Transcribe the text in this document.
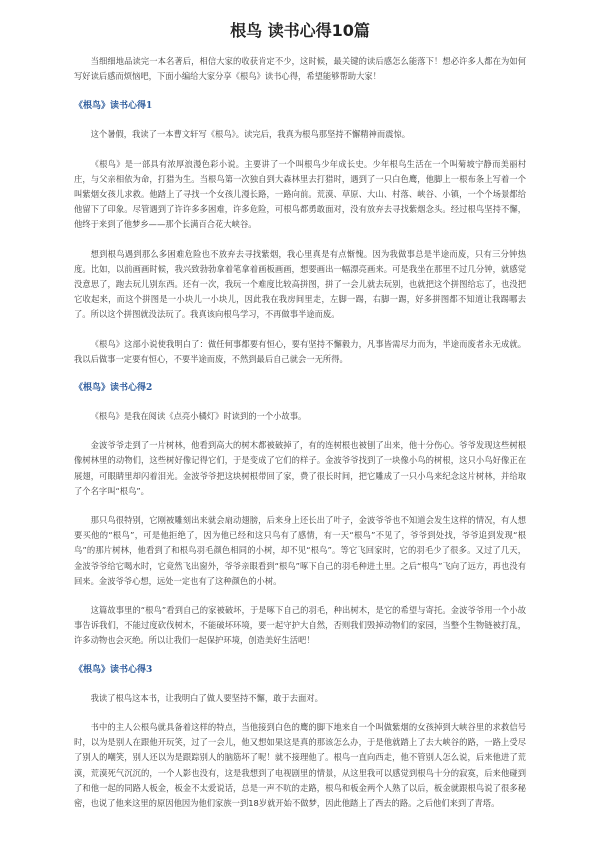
根鸟 读书心得10篇

当细细地品读完一本名著后，相信大家的收获肯定不少，这时候，最关键的读后感怎么能落下！想必许多人都在为如何写好读后感而烦恼吧，下面小编给大家分享《根鸟》读书心得，希望能够帮助大家！

《根鸟》读书心得1

这个暑假，我读了一本曹文轩写《根鸟》。读完后，我真为根鸟那坚持不懈精神而震惊。

《根鸟》是一部具有浓厚浪漫色彩小说。主要讲了一个叫根鸟少年成长史。少年根鸟生活在一个叫菊坡宁静而美丽村庄，与父亲相依为命，打猎为生。当根鸟第一次独自到大森林里去打猎时，遇到了一只白色鹰，他脚上一根布条上写着一个叫紫烟女孩儿求救。他踏上了寻找一个女孩儿漫长路，一路向前。荒漠、草原、大山、村落、峡谷、小镇，一个个场景都给他留下了印象。尽管遇到了许许多多困难，许多危险，可根鸟都勇敢面对，没有放弃去寻找紫烟念头。经过根鸟坚持不懈，他终于来到了他梦乡——那个长满百合花大峡谷。

想到根鸟遇到那么多困难危险也不放弃去寻找紫烟，我心里真是有点惭愧。因为我做事总是半途而废，只有三分钟热度。比如，以前画画时候，我兴致勃勃拿着笔拿着画板画画，想要画出一幅漂亮画来。可是我坐在那里不过几分钟，就感觉没意思了，跑去玩儿别东西。还有一次，我玩一个难度比较高拼图，拼了一会儿就去玩别，也就把这个拼图给忘了，也没把它收起来，而这个拼图是一小块儿一小块儿，因此我在我房间里走，左脚一踢，右脚一踢，好多拼图都不知道让我踢哪去了。所以这个拼图就没法玩了。我真该向根鸟学习，不再做事半途而废。

《根鸟》这部小说使我明白了：做任何事都要有恒心，要有坚持不懈毅力，凡事皆需尽力而为，半途而废者永无成就。我以后做事一定要有恒心，不要半途而废，不然到最后自己就会一无所得。

《根鸟》读书心得2

《根鸟》是我在阅读《点亮小橘灯》时读到的一个小故事。

金波爷爷走到了一片树林，他看到高大的树木都被破掉了，有的连树根也被刨了出来，他十分伤心。爷爷发现这些树根像树林里的动物们，这些树好像记得它们，于是变成了它们的样子。金波爷爷找到了一块像小鸟的树根，这只小鸟好像正在展翅，可眼睛里却闪着泪光。金波爷爷把这块树根带回了家，费了很长时间，把它雕成了一只小鸟来纪念这片树林，并给取了个名字叫“根鸟”。

那只鸟很特别，它刚被雕刻出来就会扇动翅膀，后来身上还长出了叶子，金波爷爷也不知道会发生这样的情况，有人想要买他的“根鸟”，可是他拒绝了，因为他已经和这只鸟有了感情，有一天“根鸟”不见了，爷爷到处找，爷爷追到发现“根鸟”的那片树林，他看到了和根鸟羽毛颜色相同的小树，却不见“根鸟”。等它飞回家时，它的羽毛少了很多。又过了几天，金波爷爷给它喝水时，它竟然飞出窗外，爷爷亲眼看到“根鸟”啄下自己的羽毛种进土里。之后“根鸟”飞向了远方，再也没有回来。金波爷爷心想，远处一定也有了这种颜色的小树。

这篇故事里的“根鸟”看到自己的家被破坏，于是啄下自己的羽毛，种出树木，是它的希望与寄托。金波爷爷用一个小故事告诉我们，不能过度砍伐树木，不能破坏环境，要一起守护大自然，否则我们毁掉动物们的家园，当整个生物链被打乱，许多动物也会灭绝。所以让我们一起保护环境，创造美好生活吧！

《根鸟》读书心得3

我读了根鸟这本书，让我明白了做人要坚持不懈，敢于去面对。

书中的主人公根鸟就具备着这样的特点，当他接到白色的鹰的脚下地来自一个叫做紫烟的女孩掉到大峡谷里的求救信号时，以为是别人在跟他开玩笑，过了一会儿，他又想如果这是真的那该怎么办，于是他就踏上了去大峡谷的路，一路上受尽了别人的嘲笑，别人还以为是跟踪别人的脑筋坏了呢！就不接理他了。根鸟一直向西走，他不管别人怎么说，后来他进了荒漠，荒漠死气沉沉的，一个人影也没有，这是我想到了电视剧里的情景，从这里我可以感觉到根鸟十分的寂寞，后来他碰到了和他一起的同路人板金，板金不太爱说话，总是一声不吭的走路，根鸟和板金两个人熟了以后，板金就跟根鸟说了很多秘密，也说了他来这里的原因他因为他们家族一到18岁就开始不做梦，因此他踏上了西去的路。之后他们来到了青塔。
